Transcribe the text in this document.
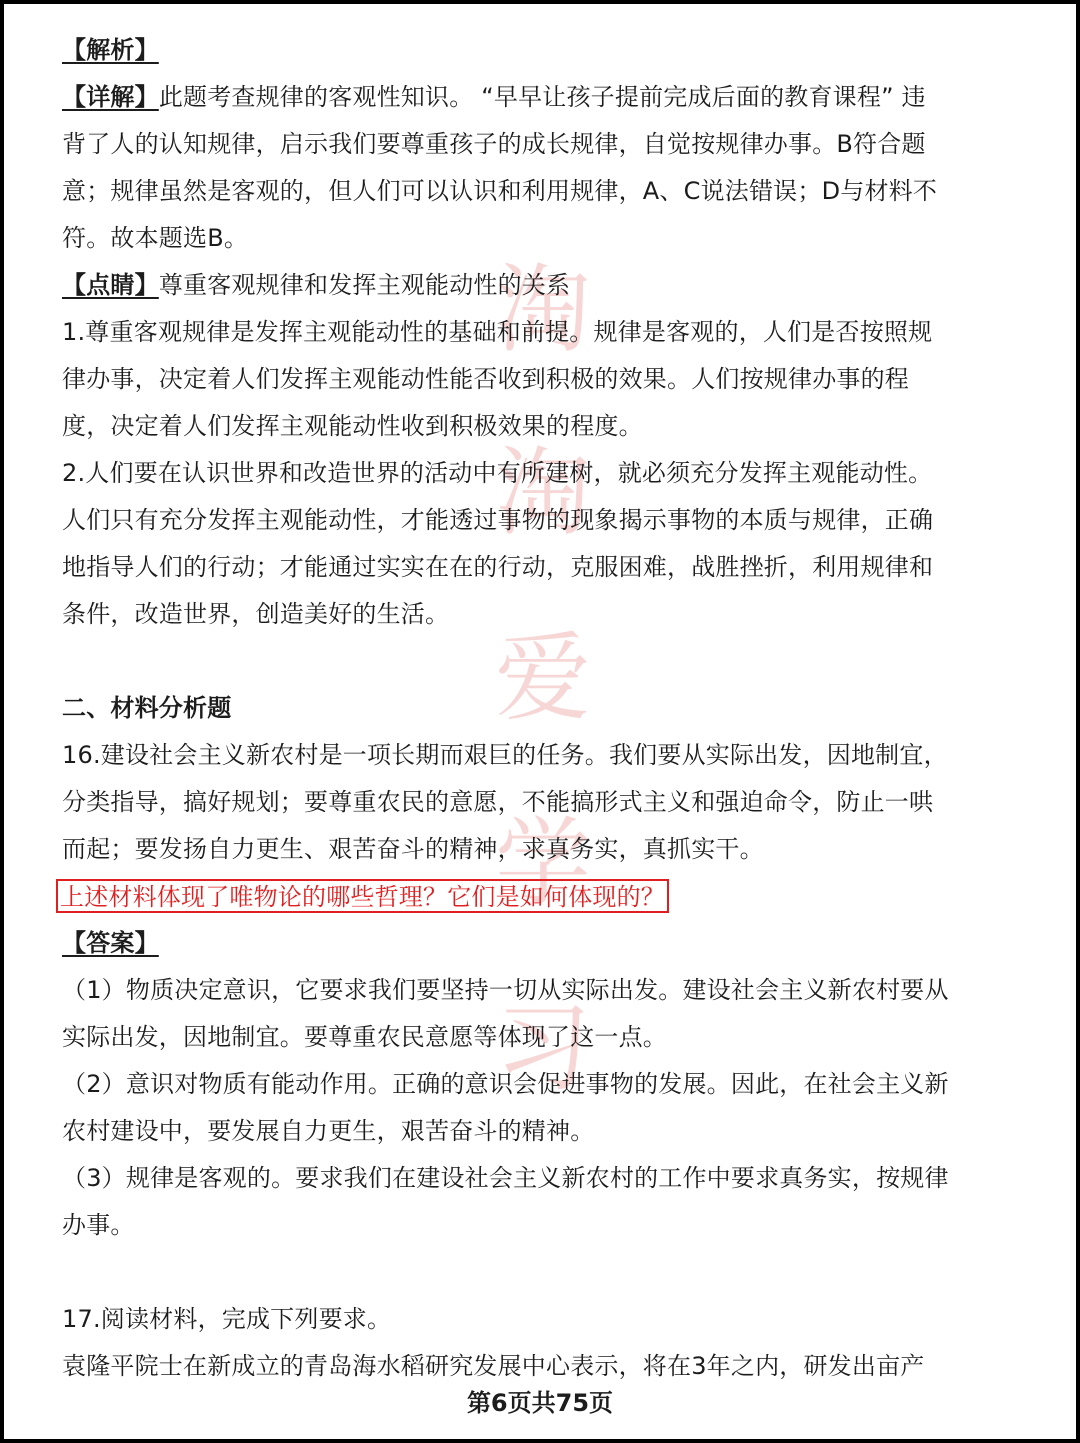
淘
淘
爱
学
习
【解析】
【详解】此题考查规律的客观性知识。 “早早让孩子提前完成后面的教育课程” 违
背了人的认知规律，启示我们要尊重孩子的成长规律，自觉按规律办事。B符合题
意；规律虽然是客观的，但人们可以认识和利用规律，A、C说法错误；D与材料不
符。故本题选B。
【点睛】尊重客观规律和发挥主观能动性的关系
1.尊重客观规律是发挥主观能动性的基础和前提。规律是客观的，人们是否按照规
律办事，决定着人们发挥主观能动性能否收到积极的效果。人们按规律办事的程
度，决定着人们发挥主观能动性收到积极效果的程度。
2.人们要在认识世界和改造世界的活动中有所建树，就必须充分发挥主观能动性。
人们只有充分发挥主观能动性，才能透过事物的现象揭示事物的本质与规律，正确
地指导人们的行动；才能通过实实在在的行动，克服困难，战胜挫折，利用规律和
条件，改造世界，创造美好的生活。
二、材料分析题
16.建设社会主义新农村是一项长期而艰巨的任务。我们要从实际出发，因地制宜，
分类指导，搞好规划；要尊重农民的意愿，不能搞形式主义和强迫命令，防止一哄
而起；要发扬自力更生、艰苦奋斗的精神，求真务实，真抓实干。
上述材料体现了唯物论的哪些哲理？它们是如何体现的？
【答案】
（1）物质决定意识，它要求我们要坚持一切从实际出发。建设社会主义新农村要从
实际出发，因地制宜。要尊重农民意愿等体现了这一点。
（2）意识对物质有能动作用。正确的意识会促进事物的发展。因此，在社会主义新
农村建设中，要发展自力更生，艰苦奋斗的精神。
（3）规律是客观的。要求我们在建设社会主义新农村的工作中要求真务实，按规律
办事。
17.阅读材料，完成下列要求。
袁隆平院士在新成立的青岛海水稻研究发展中心表示，将在3年之内，研发出亩产
第6页共75页
